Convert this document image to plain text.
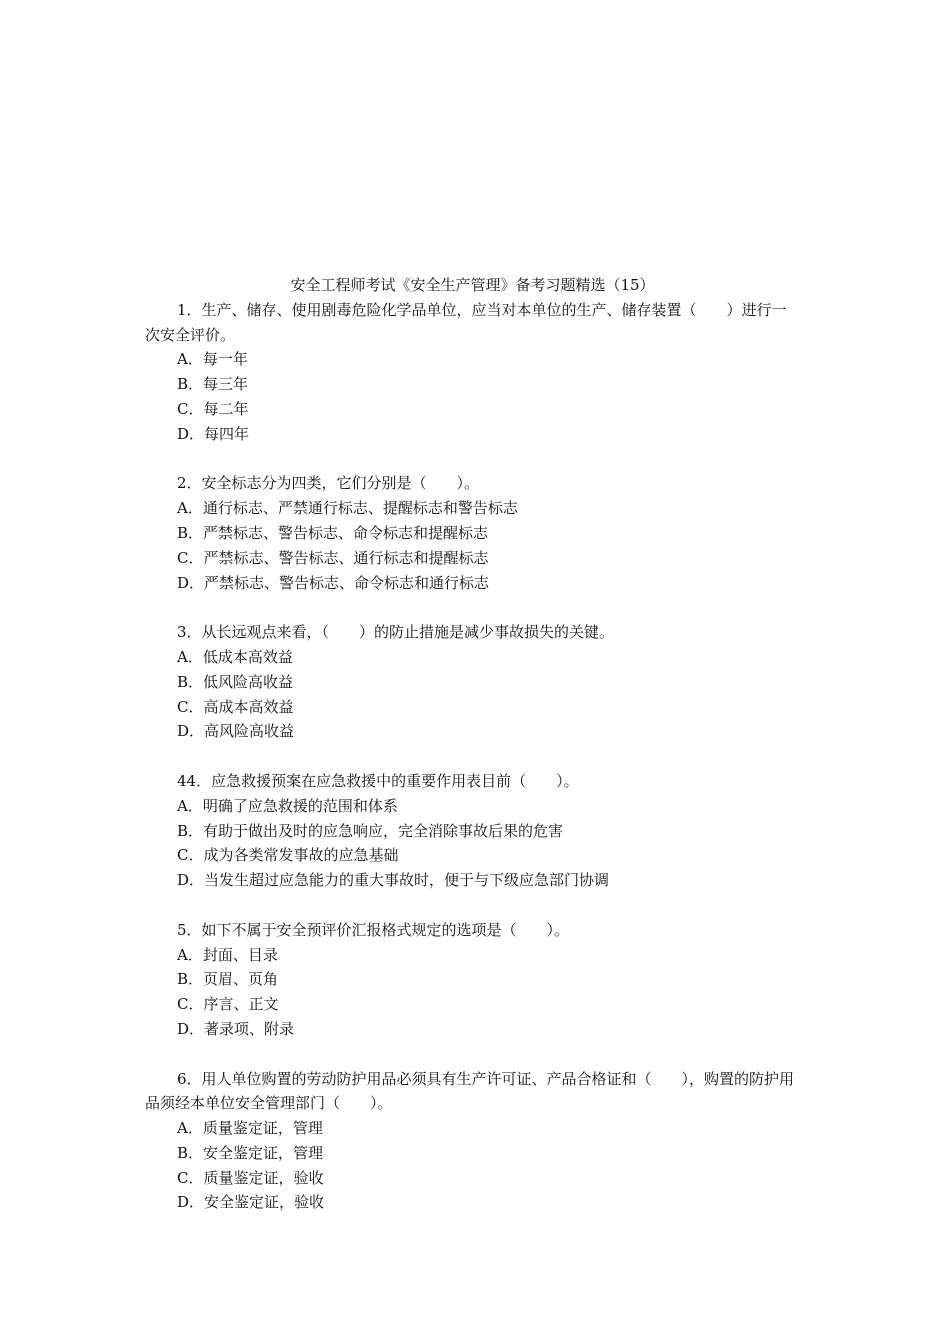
安全工程师考试《安全生产管理》备考习题精选（15）

1．生产、储存、使用剧毒危险化学品单位，应当对本单位的生产、储存装置（　　）进行一次安全评价。

A．每一年

B．每三年

C．每二年

D．每四年

2．安全标志分为四类，它们分别是（　　）。

A．通行标志、严禁通行标志、提醒标志和警告标志

B．严禁标志、警告标志、命令标志和提醒标志

C．严禁标志、警告标志、通行标志和提醒标志

D．严禁标志、警告标志、命令标志和通行标志

3．从长远观点来看，（　　）的防止措施是减少事故损失的关键。

A．低成本高效益

B．低风险高收益

C．高成本高效益

D．高风险高收益

44．应急救援预案在应急救援中的重要作用表目前（　　）。

A．明确了应急救援的范围和体系

B．有助于做出及时的应急响应，完全消除事故后果的危害

C．成为各类常发事故的应急基础

D．当发生超过应急能力的重大事故时，便于与下级应急部门协调

5．如下不属于安全预评价汇报格式规定的选项是（　　）。

A．封面、目录

B．页眉、页角

C．序言、正文

D．著录项、附录

6．用人单位购置的劳动防护用品必须具有生产许可证、产品合格证和（　　），购置的防护用品须经本单位安全管理部门（　　）。

A．质量鉴定证，管理

B．安全鉴定证，管理

C．质量鉴定证，验收

D．安全鉴定证，验收
